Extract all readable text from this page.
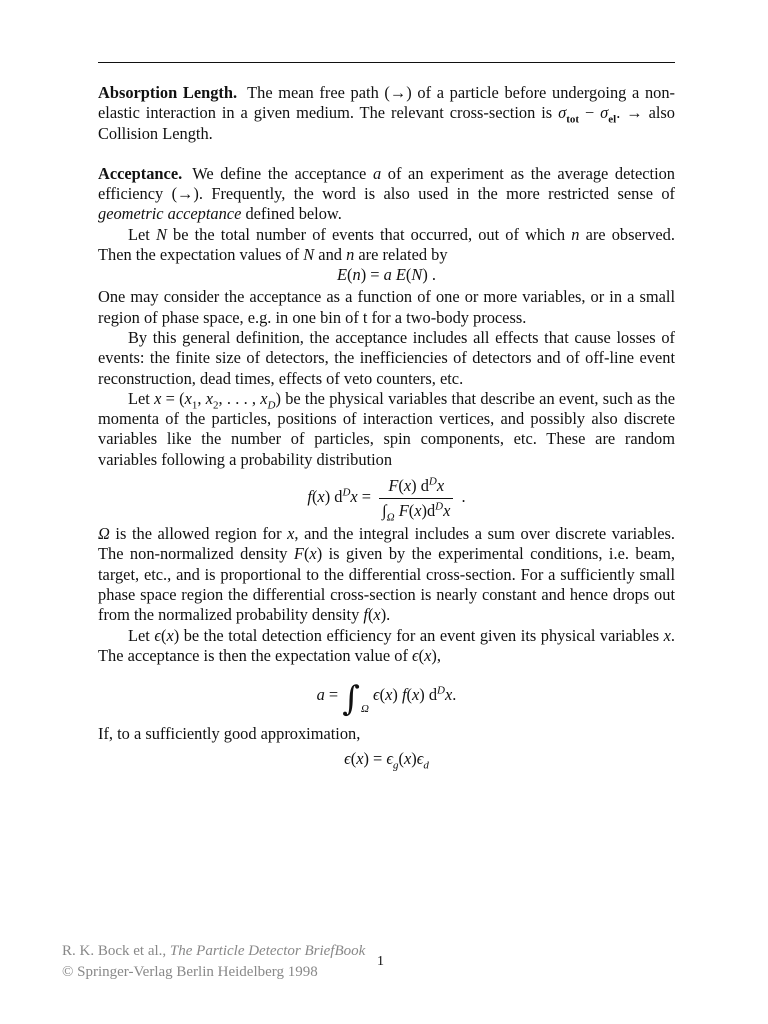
Absorption Length. The mean free path (→) of a particle before undergoing a non-elastic interaction in a given medium. The relevant cross-section is $\sigma_{tot} - \sigma_{el}$. → also Collision Length.

Acceptance. We define the acceptance a of an experiment as the average detection efficiency (→). Frequently, the word is also used in the more restricted sense of geometric acceptance defined below.

Let N be the total number of events that occurred, out of which n are observed. Then the expectation values of N and n are related by

E(n) = a E(N) .

One may consider the acceptance as a function of one or more variables, or in a small region of phase space, e.g. in one bin of t for a two-body process.

By this general definition, the acceptance includes all effects that cause losses of events: the finite size of detectors, the inefficiencies of detectors and of off-line event reconstruction, dead times, effects of veto counters, etc.

Let $x = (x_1$, $x_2$, . . . , $x_D$) be the physical variables that describe an event, such as the momenta of the particles, positions of interaction vertices, and possibly also discrete variables like the number of particles, spin components, etc. These are random variables following a probability distribution

f(x) $d^Dx = \frac{F(x) d^Dx}{\int_\Omega F(x)d^Dx}$ .

Ω is the allowed region for x, and the integral includes a sum over discrete variables. The non-normalized density F(x) is given by the experimental conditions, i.e. beam, target, etc., and is proportional to the differential cross-section. For a sufficiently small phase space region the differential cross-section is nearly constant and hence drops out from the normalized probability density f(x).

Let ϵ(x) be the total detection efficiency for an event given its physical variables x. The acceptance is then the expectation value of ϵ(x),

$a = \int_\Omega$ ϵ(x) f(x) $d^Dx$.

If, to a sufficiently good approximation,

$\epsilon(x) = \epsilon_g(x)\epsilon_d$

R. K. Bock et al., The Particle Detector BriefBook
© Springer-Verlag Berlin Heidelberg 1998
1
